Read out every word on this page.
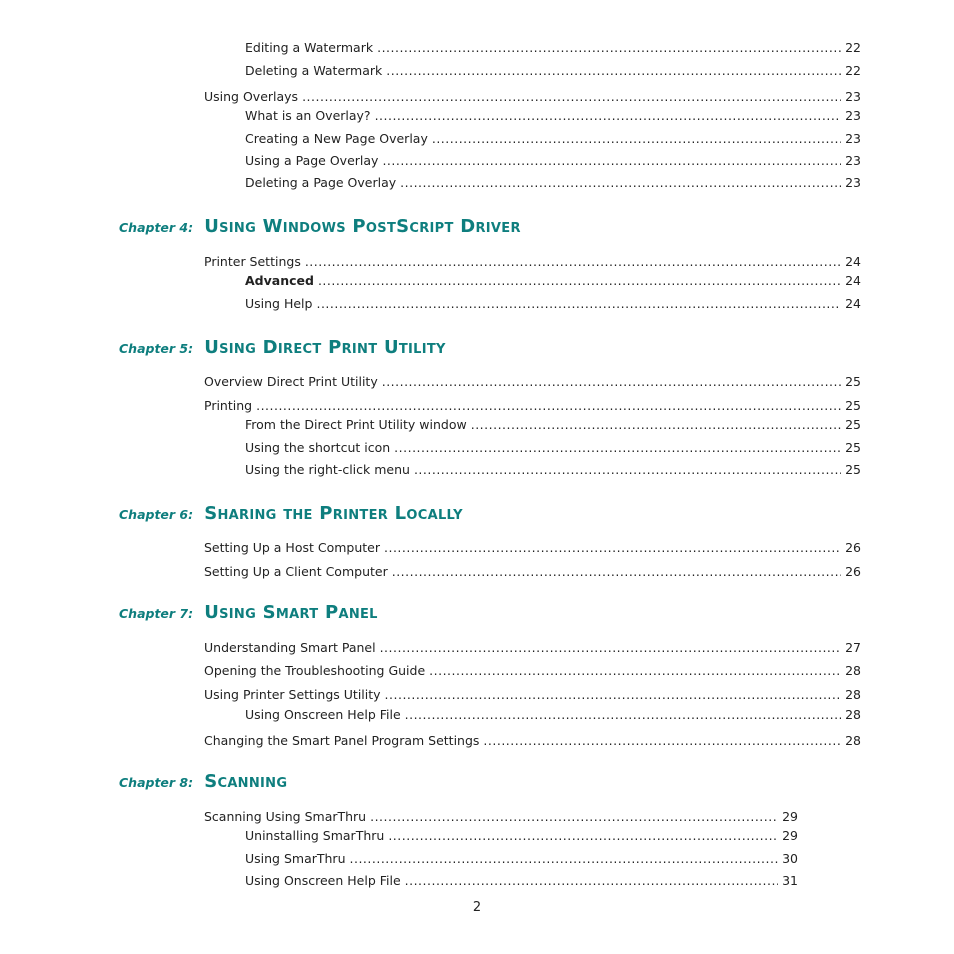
Editing a Watermark .....	22
Deleting a Watermark .....	22
Using Overlays .....	23
What is an Overlay? .....	23
Creating a New Page Overlay .....	23
Using a Page Overlay .....	23
Deleting a Page Overlay .....	23
Chapter 4: Using Windows PostScript Driver
Printer Settings .....	24
Advanced .....	24
Using Help .....	24
Chapter 5: Using Direct Print Utility
Overview Direct Print Utility .....	25
Printing .....	25
From the Direct Print Utility window .....	25
Using the shortcut icon .....	25
Using the right-click menu .....	25
Chapter 6: Sharing the Printer Locally
Setting Up a Host Computer .....	26
Setting Up a Client Computer .....	26
Chapter 7: Using Smart Panel
Understanding Smart Panel .....	27
Opening the Troubleshooting Guide .....	28
Using Printer Settings Utility .....	28
Using Onscreen Help File .....	28
Changing the Smart Panel Program Settings .....	28
Chapter 8: Scanning
Scanning Using SmarThru .....	29
Uninstalling SmarThru .....	29
Using SmarThru .....	30
Using Onscreen Help File .....	31
2
